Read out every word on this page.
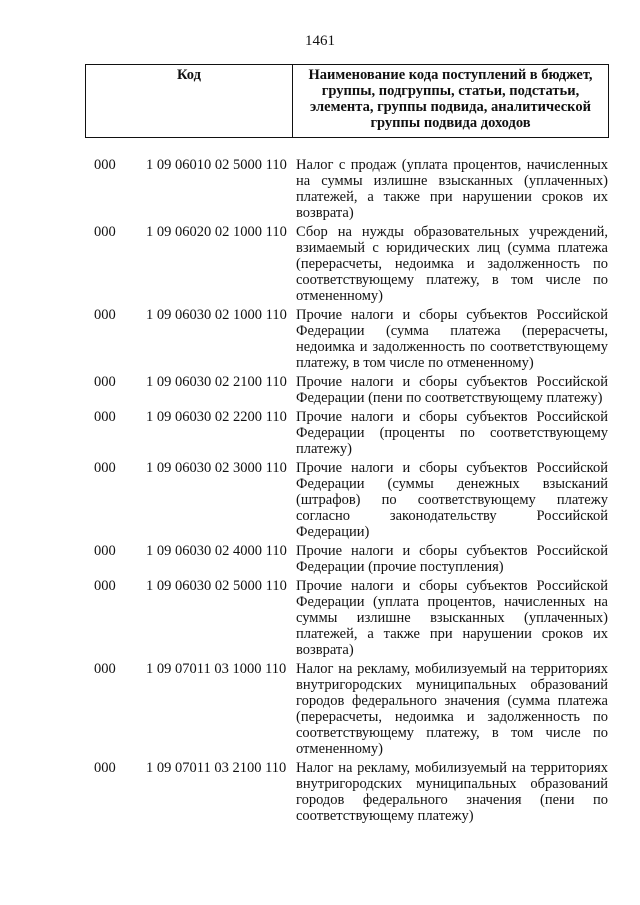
1461
Код	Наименование кода поступлений в бюджет, группы, подгруппы, статьи, подстатьи, элемента, группы подвида, аналитической группы подвида доходов
000	1 09 06010 02 5000 110 Налог с продаж (уплата процентов, начисленных на суммы излишне взысканных (уплаченных) платежей, а также при нарушении сроков их возврата)
000	1 09 06020 02 1000 110 Сбор на нужды образовательных учреждений, взимаемый с юридических лиц (сумма платежа (перерасчеты, недоимка и задолженность по соответствующему платежу, в том числе по отмененному)
000	1 09 06030 02 1000 110 Прочие налоги и сборы субъектов Российской Федерации (сумма платежа (перерасчеты, недоимка и задолженность по соответствующему платежу, в том числе по отмененному)
000	1 09 06030 02 2100 110 Прочие налоги и сборы субъектов Российской Федерации (пени по соответствующему платежу)
000	1 09 06030 02 2200 110 Прочие налоги и сборы субъектов Российской Федерации (проценты по соответствующему платежу)
000	1 09 06030 02 3000 110 Прочие налоги и сборы субъектов Российской Федерации (суммы денежных взысканий (штрафов) по соответствующему платежу согласно законодательству Российской Федерации)
000	1 09 06030 02 4000 110 Прочие налоги и сборы субъектов Российской Федерации (прочие поступления)
000	1 09 06030 02 5000 110 Прочие налоги и сборы субъектов Российской Федерации (уплата процентов, начисленных на суммы излишне взысканных (уплаченных) платежей, а также при нарушении сроков их возврата)
000	1 09 07011 03 1000 110 Налог на рекламу, мобилизуемый на территориях внутригородских муниципальных образований городов федерального значения (сумма платежа (перерасчеты, недоимка и задолженность по соответствующему платежу, в том числе по отмененному)
000	1 09 07011 03 2100 110 Налог на рекламу, мобилизуемый на территориях внутригородских муниципальных образований городов федерального значения (пени по соответствующему платежу)
